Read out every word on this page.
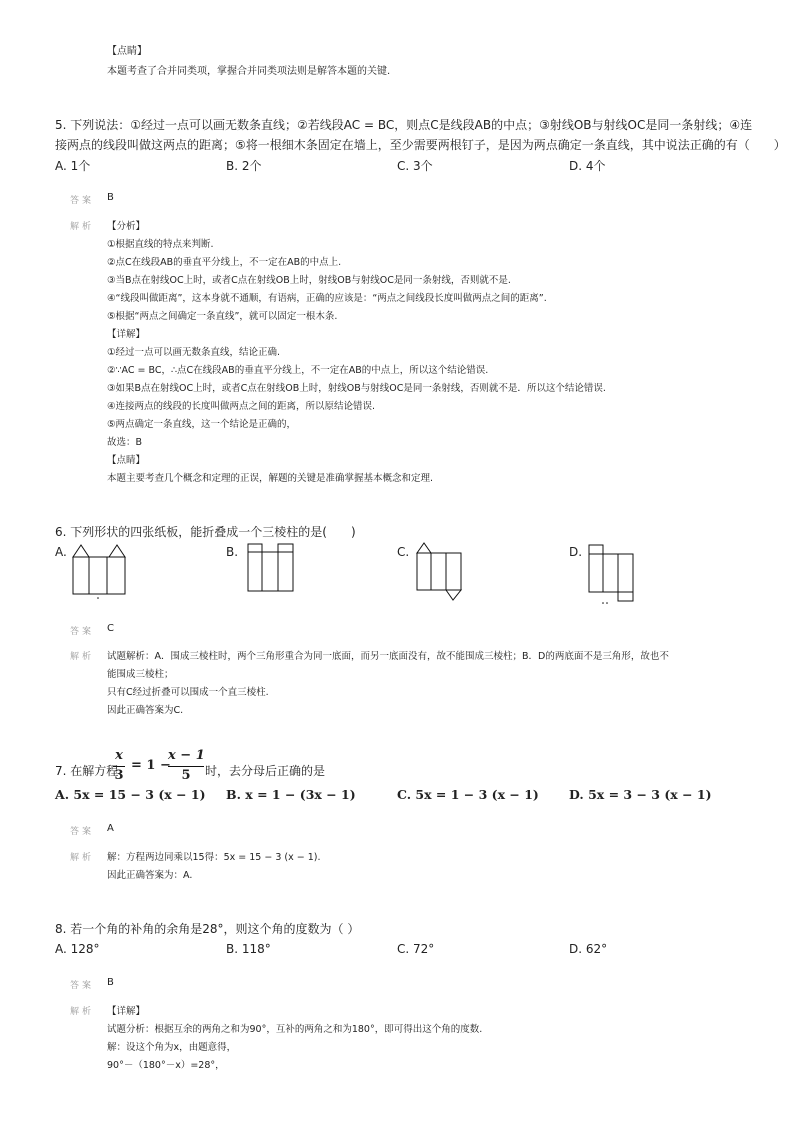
【点睛】
本题考查了合并同类项，掌握合并同类项法则是解答本题的关键.
5. 下列说法：①经过一点可以画无数条直线；②若线段AC = BC，则点C是线段AB的中点；③射线OB与射线OC是同一条射线；④连
接两点的线段叫做这两点的距离；⑤将一根细木条固定在墙上，至少需要两根钉子，是因为两点确定一条直线，其中说法正确的有（　　）
A. 1个	B. 2个	C. 3个	D. 4个
答案 B
解析 【分析】
①根据直线的特点来判断.
②点C在线段AB的垂直平分线上，不一定在AB的中点上.
③当B点在射线OC上时，或者C点在射线OB上时，射线OB与射线OC是同一条射线，否则就不是.
④“线段叫做距离”，这本身就不通顺，有语病，正确的应该是：“两点之间线段长度叫做两点之间的距离”.
⑤根据“两点之间确定一条直线”，就可以固定一根木条.
【详解】
①经过一点可以画无数条直线，结论正确.
②∵AC = BC，∴点C在线段AB的垂直平分线上，不一定在AB的中点上，所以这个结论错误.
③如果B点在射线OC上时，或者C点在射线OB上时，射线OB与射线OC是同一条射线，否则就不是．所以这个结论错误.
④连接两点的线段的长度叫做两点之间的距离，所以原结论错误.
⑤两点确定一条直线，这一个结论是正确的，
故选：B
【点睛】
本题主要考查几个概念和定理的正误，解题的关键是准确掌握基本概念和定理.
6. 下列形状的四张纸板，能折叠成一个三棱柱的是(　　)
A.	B.	C.	D.
答案 C
解析 试题解析：A．围成三棱柱时，两个三角形重合为同一底面，而另一底面没有，故不能围成三棱柱；B．D的两底面不是三角形，故也不
能围成三棱柱；
只有C经过折叠可以围成一个直三棱柱.
因此正确答案为C.
7. 在解方程
x
3
= 1 −
x − 1
5	时，去分母后正确的是
A. 5x = 15 − 3 (x − 1) B. x = 1 − (3x − 1)	C. 5x = 1 − 3 (x − 1) D. 5x = 3 − 3 (x − 1)
答案 A
解析 解：方程两边同乘以15得：5x = 15 − 3 (x − 1).
因此正确答案为：A.
8. 若一个角的补角的余角是28°，则这个角的度数为（ ）
A. 128°	B. 118°	C. 72°	D. 62°
答案 B
解析 【详解】
试题分析：根据互余的两角之和为90°，互补的两角之和为180°，即可得出这个角的度数.
解：设这个角为x，由题意得，
90°－（180°－x）=28°，
